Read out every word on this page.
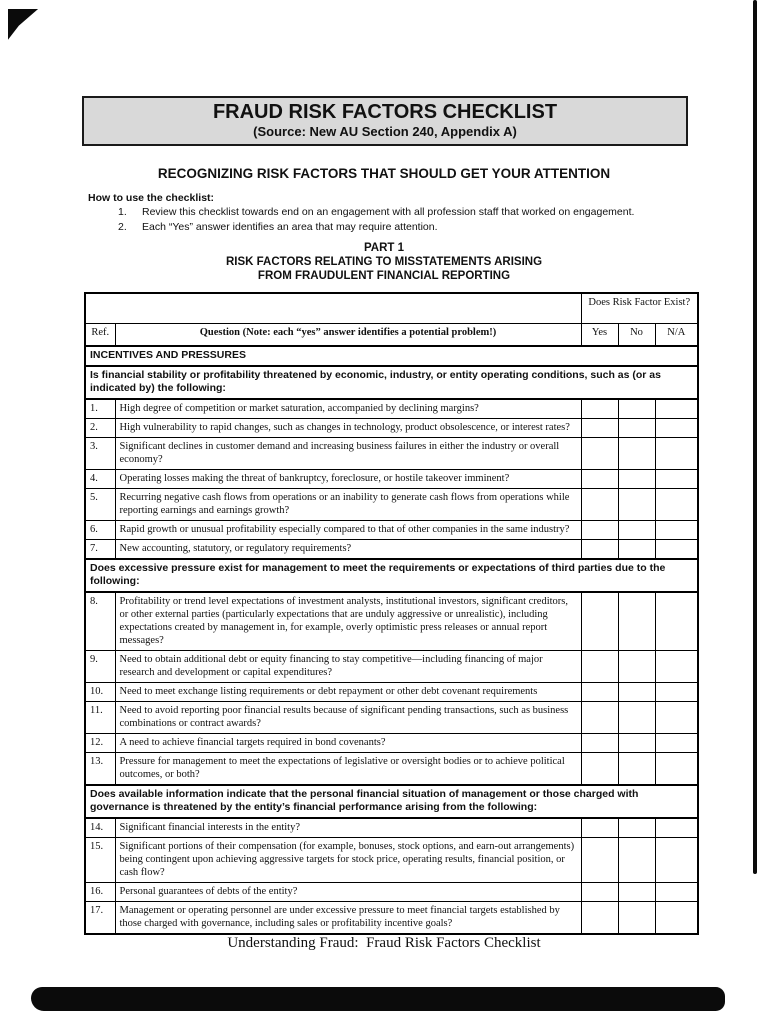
FRAUD RISK FACTORS CHECKLIST
(Source: New AU Section 240, Appendix A)
RECOGNIZING RISK FACTORS THAT SHOULD GET YOUR ATTENTION
How to use the checklist:
1.	Review this checklist towards end on an engagement with all profession staff that worked on engagement.
2.	Each “Yes” answer identifies an area that may require attention.
PART 1
RISK FACTORS RELATING TO MISSTATEMENTS ARISING
FROM FRAUDULENT FINANCIAL REPORTING
		Does Risk Factor Exist?		
Ref.	Question (Note: each “yes” answer identifies a potential problem!)	Yes	No	N/A
INCENTIVES AND PRESSURES				
Is financial stability or profitability threatened by economic, industry, or entity operating conditions, such as (or as indicated by) the following:				
1.	High degree of competition or market saturation, accompanied by declining margins?			
2.	High vulnerability to rapid changes, such as changes in technology, product obsolescence, or interest rates?			
3.	Significant declines in customer demand and increasing business failures in either the industry or overall economy?			
4.	Operating losses making the threat of bankruptcy, foreclosure, or hostile takeover imminent?			
5.	Recurring negative cash flows from operations or an inability to generate cash flows from operations while reporting earnings and earnings growth?			
6.	Rapid growth or unusual profitability especially compared to that of other companies in the same industry?			
7.	New accounting, statutory, or regulatory requirements?			
Does excessive pressure exist for management to meet the requirements or expectations of third parties due to the following:				
8.	Profitability or trend level expectations of investment analysts, institutional investors, significant creditors, or other external parties (particularly expectations that are unduly aggressive or unrealistic), including expectations created by management in, for example, overly optimistic press releases or annual report messages?			
9.	Need to obtain additional debt or equity financing to stay competitive—including financing of major research and development or capital expenditures?			
10.	Need to meet exchange listing requirements or debt repayment or other debt covenant requirements			
11.	Need to avoid reporting poor financial results because of significant pending transactions, such as business combinations or contract awards?			
12.	A need to achieve financial targets required in bond covenants?			
13.	Pressure for management to meet the expectations of legislative or oversight bodies or to achieve political outcomes, or both?			
Does available information indicate that the personal financial situation of management or those charged with governance is threatened by the entity’s financial performance arising from the following:				
14.	Significant financial interests in the entity?			
15.	Significant portions of their compensation (for example, bonuses, stock options, and earn-out arrangements) being contingent upon achieving aggressive targets for stock price, operating results, financial position, or cash flow?			
16.	Personal guarantees of debts of the entity?			
17.	Management or operating personnel are under excessive pressure to meet financial targets established by those charged with governance, including sales or profitability incentive goals?			
Understanding Fraud:  Fraud Risk Factors Checklist
